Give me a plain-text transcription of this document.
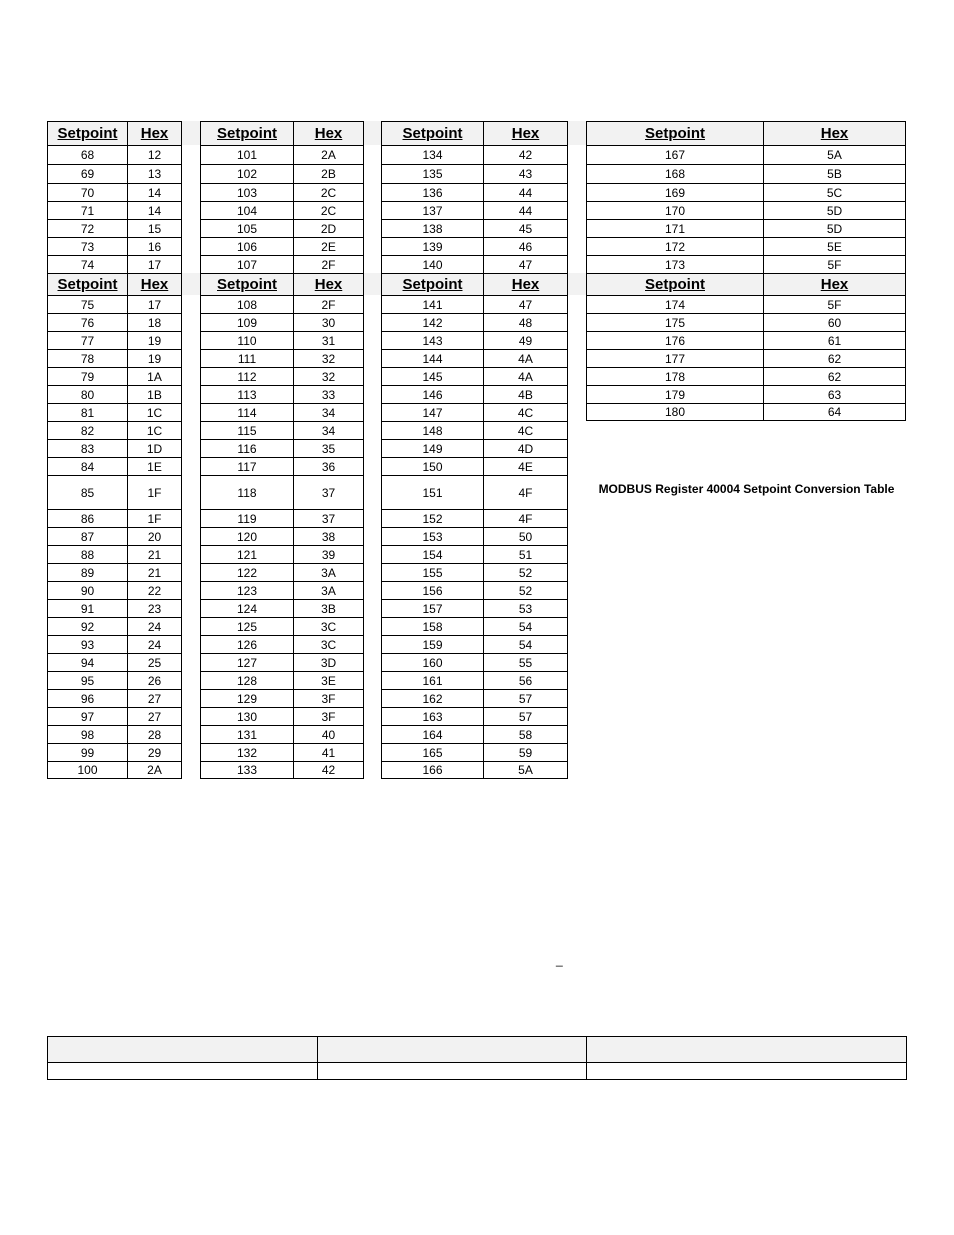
Setpoint	Hex
68	12
69	13
70	14
71	14
72	15
73	16
74	17
Setpoint	Hex
75	17
76	18
77	19
78	19
79	1A
80	1B
81	1C
82	1C
83	1D
84	1E
85	1F
86	1F
87	20
88	21
89	21
90	22
91	23
92	24
93	24
94	25
95	26
96	27
97	27
98	28
99	29
100	2A
Setpoint	Hex
101	2A
102	2B
103	2C
104	2C
105	2D
106	2E
107	2F
Setpoint	Hex
108	2F
109	30
110	31
111	32
112	32
113	33
114	34
115	34
116	35
117	36
118	37
119	37
120	38
121	39
122	3A
123	3A
124	3B
125	3C
126	3C
127	3D
128	3E
129	3F
130	3F
131	40
132	41
133	42
Setpoint	Hex
134	42
135	43
136	44
137	44
138	45
139	46
140	47
Setpoint	Hex
141	47
142	48
143	49
144	4A
145	4A
146	4B
147	4C
148	4C
149	4D
150	4E
151	4F
152	4F
153	50
154	51
155	52
156	52
157	53
158	54
159	54
160	55
161	56
162	57
163	57
164	58
165	59
166	5A
Setpoint	Hex
167	5A
168	5B
169	5C
170	5D
171	5D
172	5E
173	5F
Setpoint	Hex
174	5F
175	60
176	61
177	62
178	62
179	63
180	64
MODBUS Register 40004 Setpoint Conversion Table
_
